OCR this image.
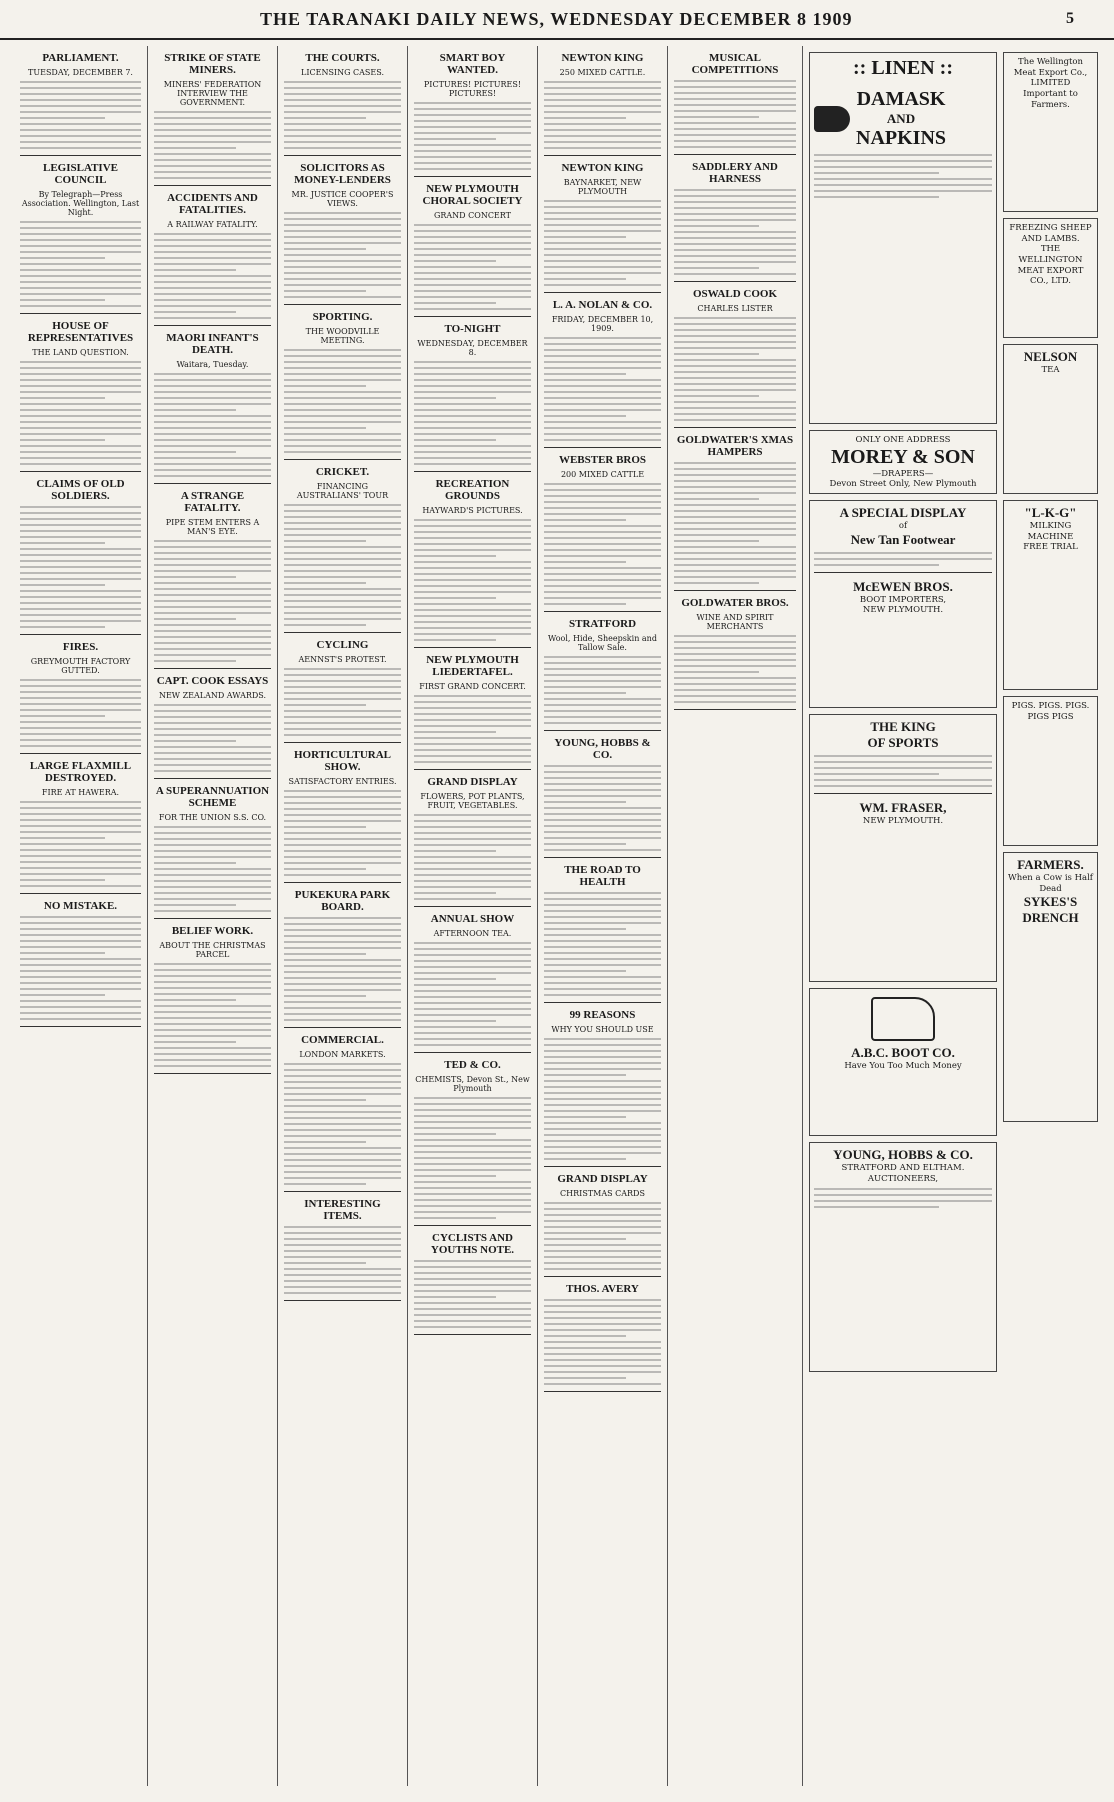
THE TARANAKI DAILY NEWS, WEDNESDAY DECEMBER 8 1909	5
PARLIAMENT.
TUESDAY, DECEMBER 7.
LEGISLATIVE COUNCIL
By Telegraph—Press Association. Wellington, Last Night.
HOUSE OF REPRESENTATIVES
THE LAND QUESTION.
CLAIMS OF OLD SOLDIERS.
FIRES.
GREYMOUTH FACTORY GUTTED.
LARGE FLAXMILL DESTROYED.
FIRE AT HAWERA.
NO MISTAKE.
STRIKE OF STATE MINERS.
MINERS' FEDERATION INTERVIEW THE GOVERNMENT.
ACCIDENTS AND FATALITIES.
A RAILWAY FATALITY.
MAORI INFANT'S DEATH.
Waitara, Tuesday.
A STRANGE FATALITY.
PIPE STEM ENTERS A MAN'S EYE.
CAPT. COOK ESSAYS
NEW ZEALAND AWARDS.
A SUPERANNUATION SCHEME
FOR THE UNION S.S. CO.
BELIEF WORK.
ABOUT THE CHRISTMAS PARCEL
THE COURTS.
LICENSING CASES.
SOLICITORS AS MONEY-LENDERS
MR. JUSTICE COOPER'S VIEWS.
SPORTING.
THE WOODVILLE MEETING.
CRICKET.
FINANCING AUSTRALIANS' TOUR
CYCLING
AENNST'S PROTEST.
HORTICULTURAL SHOW.
SATISFACTORY ENTRIES.
PUKEKURA PARK BOARD.
COMMERCIAL.
LONDON MARKETS.
INTERESTING ITEMS.
SMART BOY WANTED.
PICTURES! PICTURES! PICTURES!
NEW PLYMOUTH CHORAL SOCIETY
GRAND CONCERT
TO-NIGHT
WEDNESDAY, DECEMBER 8.
RECREATION GROUNDS
HAYWARD'S PICTURES.
NEW PLYMOUTH LIEDERTAFEL.
FIRST GRAND CONCERT.
GRAND DISPLAY
FLOWERS, POT PLANTS, FRUIT, VEGETABLES.
ANNUAL SHOW
AFTERNOON TEA.
TED & CO.
CHEMISTS, Devon St., New Plymouth
CYCLISTS AND YOUTHS NOTE.
NEWTON KING
250 MIXED CATTLE.
NEWTON KING
BAYNARKET, NEW PLYMOUTH
L. A. NOLAN & CO.
FRIDAY, DECEMBER 10, 1909.
WEBSTER BROS
200 MIXED CATTLE
STRATFORD
Wool, Hide, Sheepskin and Tallow Sale.
YOUNG, HOBBS & CO.
THE ROAD TO HEALTH
99 REASONS
WHY YOU SHOULD USE
GRAND DISPLAY
CHRISTMAS CARDS
THOS. AVERY
MUSICAL COMPETITIONS
SADDLERY AND HARNESS
OSWALD COOK
CHARLES LISTER
GOLDWATER'S XMAS HAMPERS
GOLDWATER BROS.
WINE AND SPIRIT MERCHANTS
:: LINEN ::
DAMASK
AND
NAPKINS
ONLY ONE ADDRESS
MOREY & SON
—DRAPERS—
Devon Street Only, New Plymouth
A SPECIAL DISPLAY
of
New Tan Footwear
McEWEN BROS.
BOOT IMPORTERS,
NEW PLYMOUTH.
THE KING
OF SPORTS
WM. FRASER,
NEW PLYMOUTH.
A.B.C. BOOT CO.
Have You Too Much Money
YOUNG, HOBBS & CO.
STRATFORD AND ELTHAM.
AUCTIONEERS,
The Wellington Meat Export Co.,
LIMITED
Important to Farmers.
FREEZING SHEEP AND LAMBS.
THE WELLINGTON MEAT EXPORT CO., LTD.
NELSON
TEA
"L-K-G"
MILKING MACHINE
FREE TRIAL
PIGS. PIGS. PIGS.
PIGS PIGS
FARMERS.
When a Cow is Half Dead
SYKES'S DRENCH
